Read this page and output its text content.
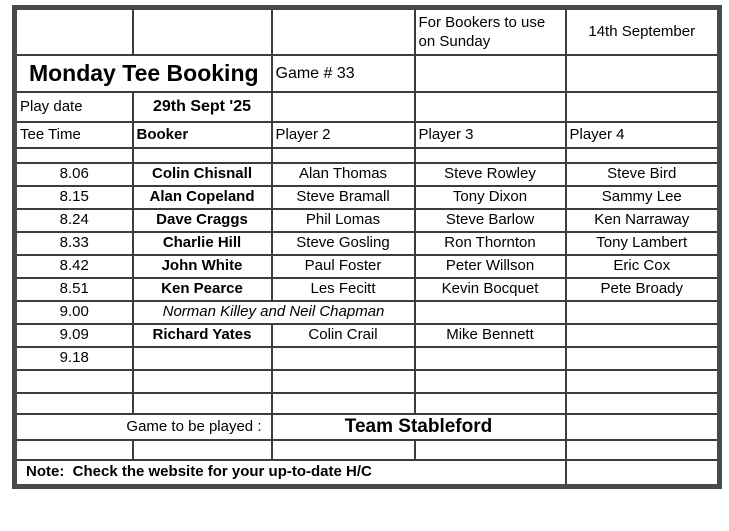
			For Bookers to use on Sunday	14th September
Monday Tee Booking		Game # 33		
Play date	29th Sept '25			
Tee Time	Booker	Player 2	Player 3	Player 4

8.06	Colin Chisnall	Alan Thomas	Steve Rowley	Steve Bird
8.15	Alan Copeland	Steve Bramall	Tony Dixon	Sammy Lee
8.24	Dave Craggs	Phil Lomas	Steve Barlow	Ken Narraway
8.33	Charlie Hill	Steve Gosling	Ron Thornton	Tony Lambert
8.42	John White	Paul Foster	Peter Willson	Eric Cox
8.51	Ken Pearce	Les Fecitt	Kevin Bocquet	Pete Broady
9.00	Norman Killey and Neil Chapman			
9.09	Richard Yates	Colin Crail	Mike Bennett	
9.18				

Game to be played :		Team Stableford		

Note:  Check the website for your up-to-date H/C				
